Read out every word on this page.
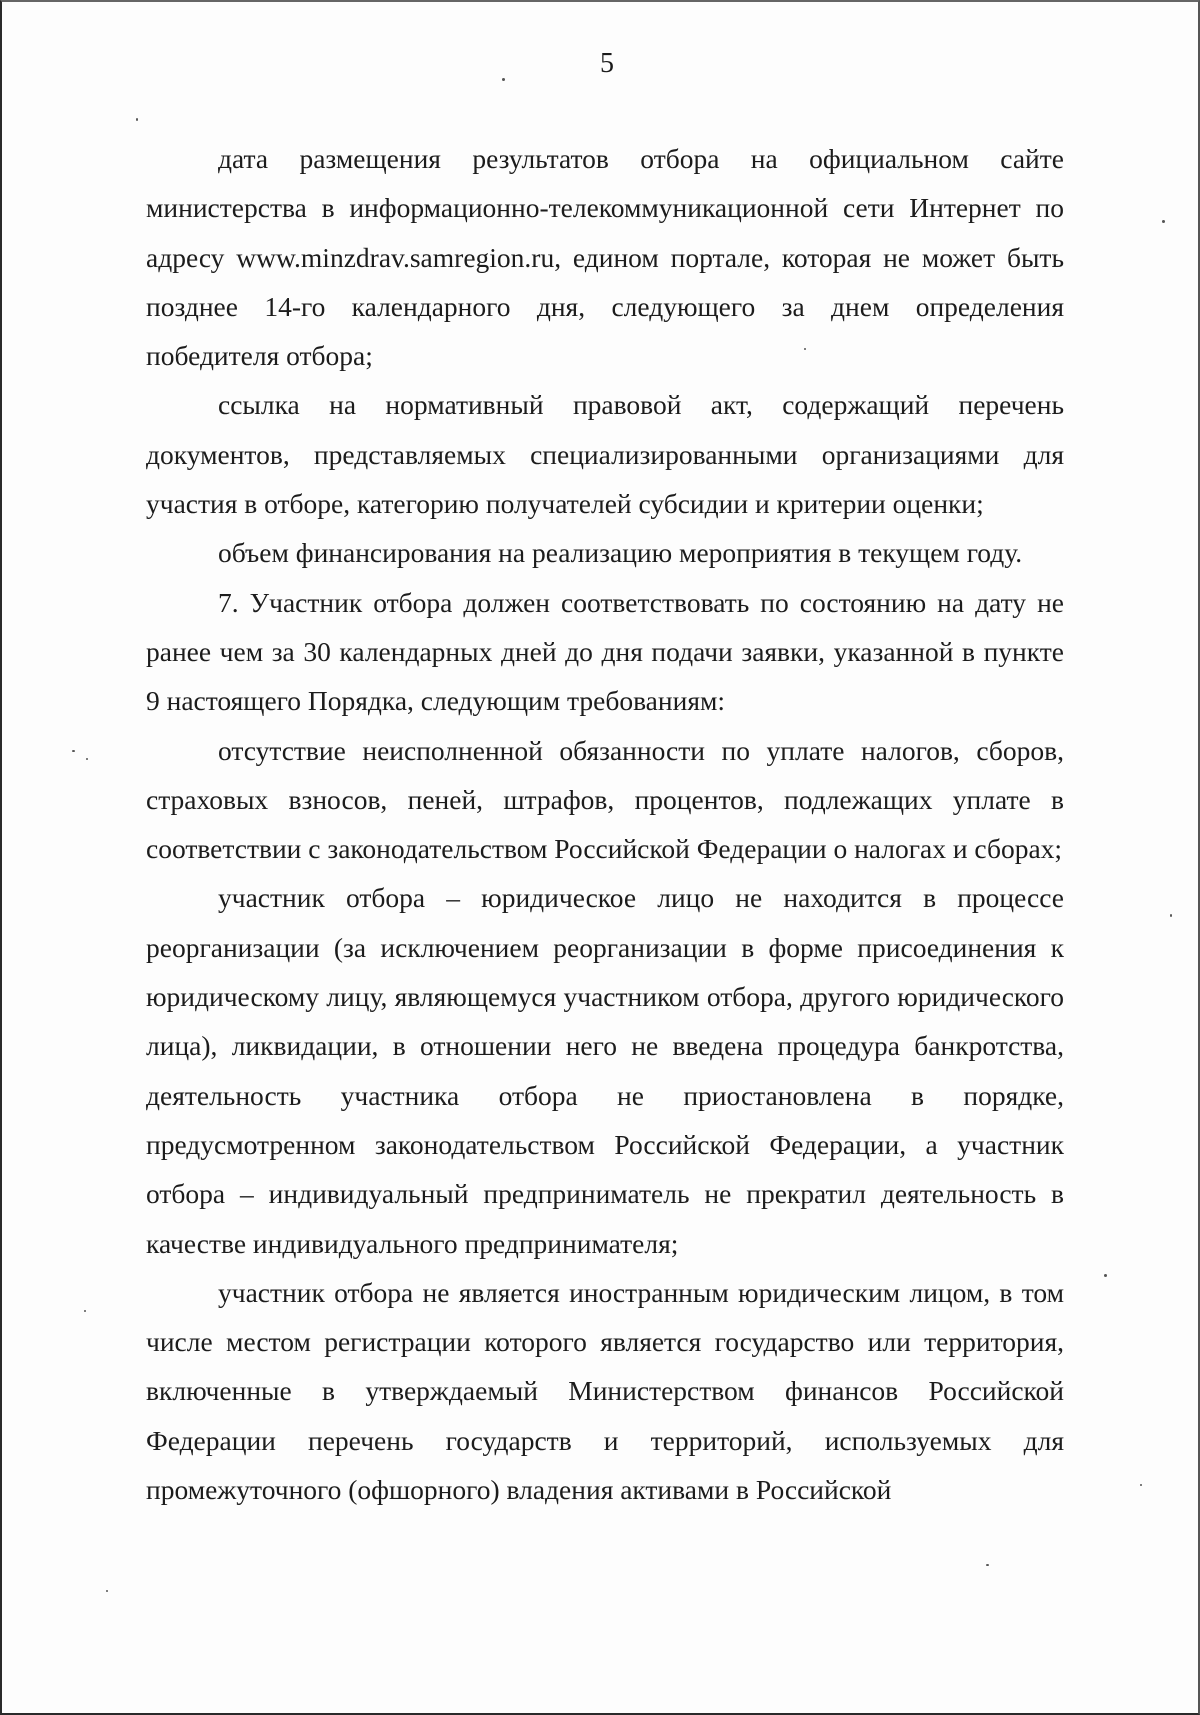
5

дата размещения результатов отбора на официальном сайте министерства в информационно-телекоммуникационной сети Интернет по адресу www.minzdrav.samregion.ru, едином портале, которая не может быть позднее 14-го календарного дня, следующего за днем определения победителя отбора;

ссылка на нормативный правовой акт, содержащий перечень документов, представляемых специализированными организациями для участия в отборе, категорию получателей субсидии и критерии оценки;

объем финансирования на реализацию мероприятия в текущем году.

7. Участник отбора должен соответствовать по состоянию на дату не ранее чем за 30 календарных дней до дня подачи заявки, указанной в пункте 9 настоящего Порядка, следующим требованиям:

отсутствие неисполненной обязанности по уплате налогов, сборов, страховых взносов, пеней, штрафов, процентов, подлежащих уплате в соответствии с законодательством Российской Федерации о налогах и сборах;

участник отбора – юридическое лицо не находится в процессе реорганизации (за исключением реорганизации в форме присоединения к юридическому лицу, являющемуся участником отбора, другого юридического лица), ликвидации, в отношении него не введена процедура банкротства, деятельность участника отбора не приостановлена в порядке, предусмотренном законодательством Российской Федерации, а участник отбора – индивидуальный предприниматель не прекратил деятельность в качестве индивидуального предпринимателя;

участник отбора не является иностранным юридическим лицом, в том числе местом регистрации которого является государство или территория, включенные в утверждаемый Министерством финансов Российской Федерации перечень государств и территорий, используемых для промежуточного (офшорного) владения активами в Российской
